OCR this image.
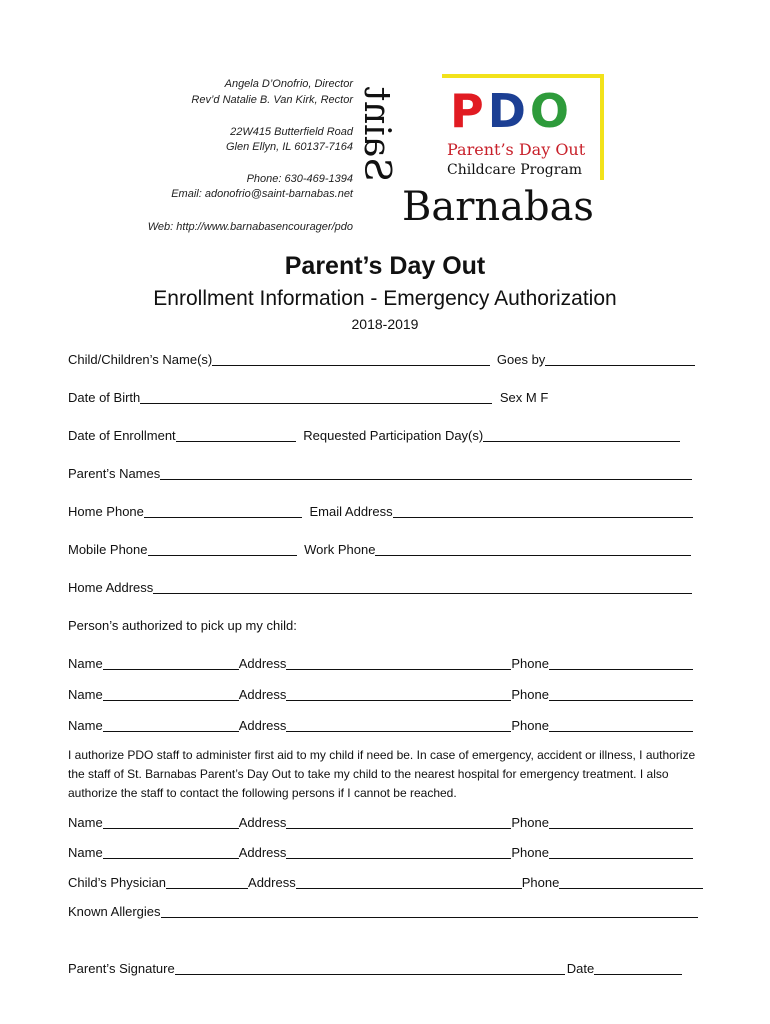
Angela D’Onofrio, Director
Rev’d Natalie B. Van Kirk, Rector
22W415 Butterfield Road
Glen Ellyn, IL 60137-7164
Phone: 630-469-1394
Email: adonofrio@saint-barnabas.net
Web: http://www.barnabasencourager/pdo
Saint PDO
Parent’s Day Out
Childcare Program
Barnabas
Parent’s Day Out
Enrollment Information - Emergency Authorization
2018-2019
Child/Children’s Name(s)	Goes by
Date of Birth	Sex M F
Date of Enrollment	Requested Participation Day(s)
Parent’s Names
Home Phone	Email Address
Mobile Phone	Work Phone
Home Address
Person’s authorized to pick up my child:
Name	Address	Phone
Name	Address	Phone
Name	Address	Phone
I authorize PDO staff to administer first aid to my child if need be. In case of emergency, accident or illness, I authorize the staff of St. Barnabas Parent’s Day Out to take my child to the nearest hospital for emergency treatment. I also authorize the staff to contact the following persons if I cannot be reached.
Name	Address	Phone
Name	Address	Phone
Child’s Physician	Address	Phone
Known Allergies
Parent’s Signature	Date
